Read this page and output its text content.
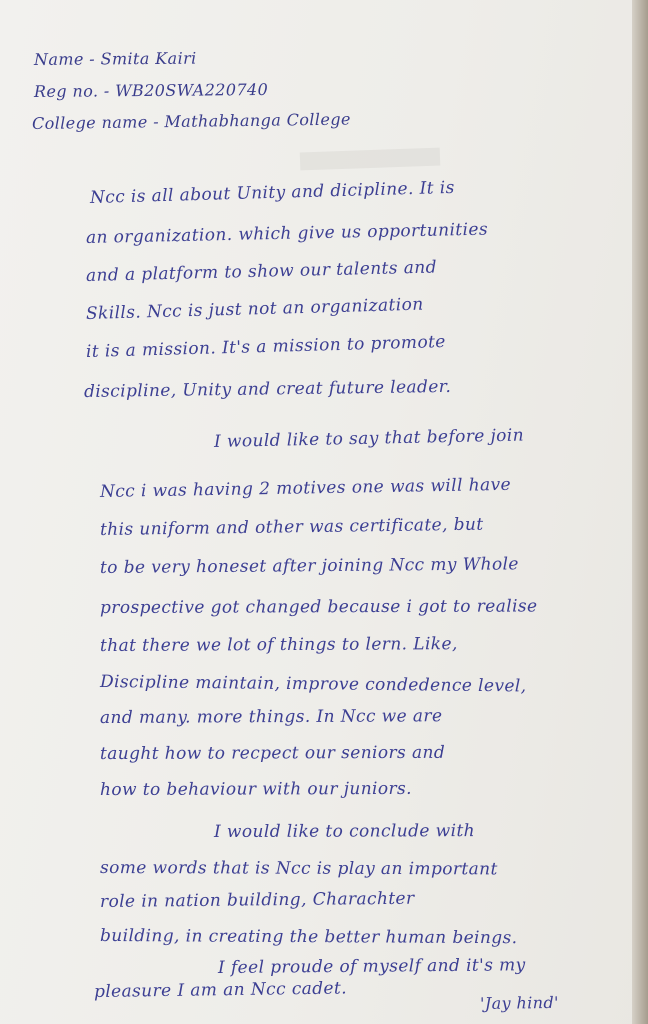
Name - Smita Kairi
Reg no. - WB20SWA220740
College name - Mathabhanga College
Ncc is all about Unity and dicipline. It is
an organization. which give us opportunities
and a platform to show our talents and
Skills. Ncc is just not an organization
it is a mission. It's a mission to promote
discipline, Unity and creat future leader.
I would like to say that before join
Ncc i was having 2 motives one was will have
this uniform and other was certificate, but
to be very honeset after joining Ncc my Whole
prospective got changed because i got to realise
that there we lot of things to lern. Like,
Discipline maintain, improve condedence level,
and many. more things. In Ncc we are
taught how to recpect our seniors and
how to behaviour with our juniors.
I would like to conclude with
some words that is Ncc is play an important
role in nation building, Charachter
building, in creating the better human beings.
I feel proude of myself and it's my
pleasure I am an Ncc cadet.
'Jay hind'
